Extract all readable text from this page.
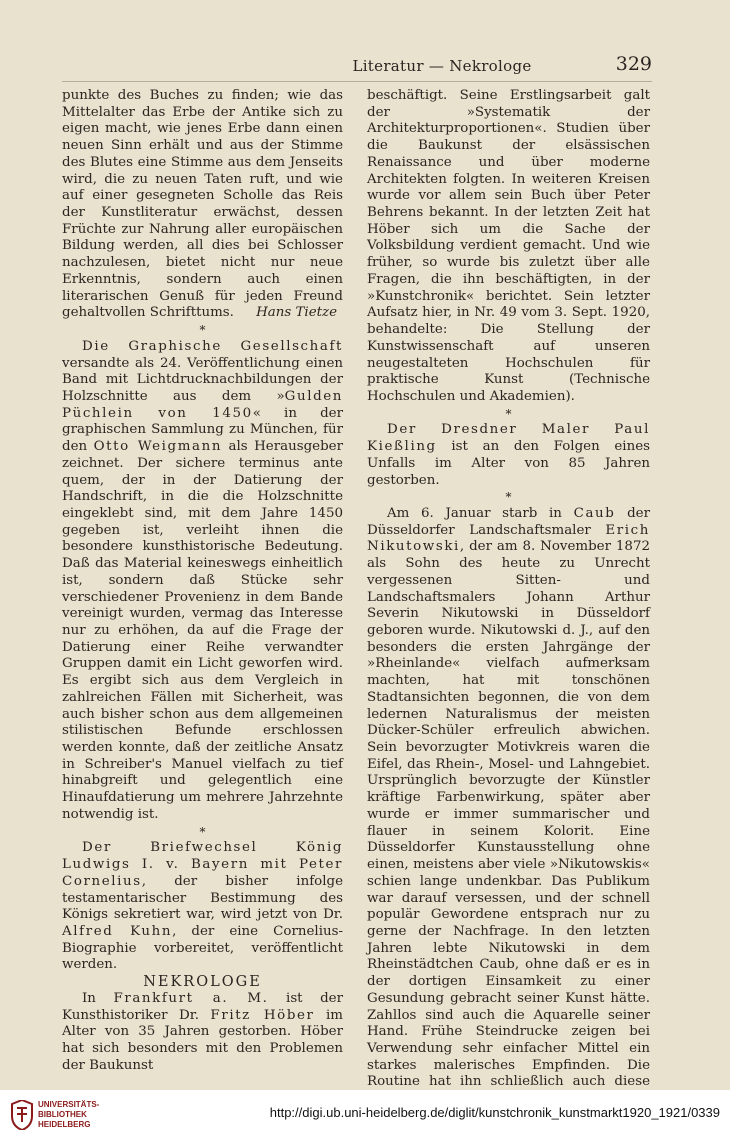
Literatur — Nekrologe	329

punkte des Buches zu finden; wie das Mittelalter das Erbe der Antike sich zu eigen macht, wie jenes Erbe dann einen neuen Sinn erhält und aus der Stimme des Blutes eine Stimme aus dem Jenseits wird, die zu neuen Taten ruft, und wie auf einer gesegneten Scholle das Reis der Kunstliteratur erwächst, dessen Früchte zur Nahrung aller europäischen Bildung werden, all dies bei Schlosser nachzulesen, bietet nicht nur neue Erkenntnis, sondern auch einen literarischen Genuß für jeden Freund gehaltvollen Schrifttums. Hans Tietze

*

Die Graphische Gesellschaft versandte als 24. Veröffentlichung einen Band mit Lichtdrucknachbildungen der Holzschnitte aus dem »Gulden Püchlein von 1450« in der graphischen Sammlung zu München, für den Otto Weigmann als Herausgeber zeichnet. Der sichere terminus ante quem, der in der Datierung der Handschrift, in die die Holzschnitte eingeklebt sind, mit dem Jahre 1450 gegeben ist, verleiht ihnen die besondere kunsthistorische Bedeutung. Daß das Material keineswegs einheitlich ist, sondern daß Stücke sehr verschiedener Provenienz in dem Bande vereinigt wurden, vermag das Interesse nur zu erhöhen, da auf die Frage der Datierung einer Reihe verwandter Gruppen damit ein Licht geworfen wird. Es ergibt sich aus dem Vergleich in zahlreichen Fällen mit Sicherheit, was auch bisher schon aus dem allgemeinen stilistischen Befunde erschlossen werden konnte, daß der zeitliche Ansatz in Schreiber's Manuel vielfach zu tief hinabgreift und gelegentlich eine Hinaufdatierung um mehrere Jahrzehnte notwendig ist.

*

Der Briefwechsel König Ludwigs I. v. Bayern mit Peter Cornelius, der bisher infolge testamentarischer Bestimmung des Königs sekretiert war, wird jetzt von Dr. Alfred Kuhn, der eine Cornelius-Biographie vorbereitet, veröffentlicht werden.

NEKROLOGE

In Frankfurt a. M. ist der Kunsthistoriker Dr. Fritz Höber im Alter von 35 Jahren gestorben. Höber hat sich besonders mit den Problemen der Baukunst

beschäftigt. Seine Erstlingsarbeit galt der »Systematik der Architekturproportionen«. Studien über die Baukunst der elsässischen Renaissance und über moderne Architekten folgten. In weiteren Kreisen wurde vor allem sein Buch über Peter Behrens bekannt. In der letzten Zeit hat Höber sich um die Sache der Volksbildung verdient gemacht. Und wie früher, so wurde bis zuletzt über alle Fragen, die ihn beschäftigten, in der »Kunstchronik« berichtet. Sein letzter Aufsatz hier, in Nr. 49 vom 3. Sept. 1920, behandelte: Die Stellung der Kunstwissenschaft auf unseren neugestalteten Hochschulen für praktische Kunst (Technische Hochschulen und Akademien).

*

Der Dresdner Maler Paul Kießling ist an den Folgen eines Unfalls im Alter von 85 Jahren gestorben.

*

Am 6. Januar starb in Caub der Düsseldorfer Landschaftsmaler Erich Nikutowski, der am 8. November 1872 als Sohn des heute zu Unrecht vergessenen Sitten- und Landschaftsmalers Johann Arthur Severin Nikutowski in Düsseldorf geboren wurde. Nikutowski d. J., auf den besonders die ersten Jahrgänge der »Rheinlande« vielfach aufmerksam machten, hat mit tonschönen Stadtansichten begonnen, die von dem ledernen Naturalismus der meisten Dücker-Schüler erfreulich abwichen. Sein bevorzugter Motivkreis waren die Eifel, das Rhein-, Mosel- und Lahngebiet. Ursprünglich bevorzugte der Künstler kräftige Farbenwirkung, später aber wurde er immer summarischer und flauer in seinem Kolorit. Eine Düsseldorfer Kunstausstellung ohne einen, meistens aber viele »Nikutowskis« schien lange undenkbar. Das Publikum war darauf versessen, und der schnell populär Gewordene entsprach nur zu gerne der Nachfrage. In den letzten Jahren lebte Nikutowski in dem Rheinstädtchen Caub, ohne daß er es in der dortigen Einsamkeit zu einer Gesundung gebracht seiner Kunst hätte. Zahllos sind auch die Aquarelle seiner Hand. Frühe Steindrucke zeigen bei Verwendung sehr einfacher Mittel ein starkes malerisches Empfinden. Die Routine hat ihn schließlich auch diese

UNIVERSITÄTS-
BIBLIOTHEK
HEIDELBERG
http://digi.ub.uni-heidelberg.de/diglit/kunstchronik_kunstmarkt1920_1921/0339
